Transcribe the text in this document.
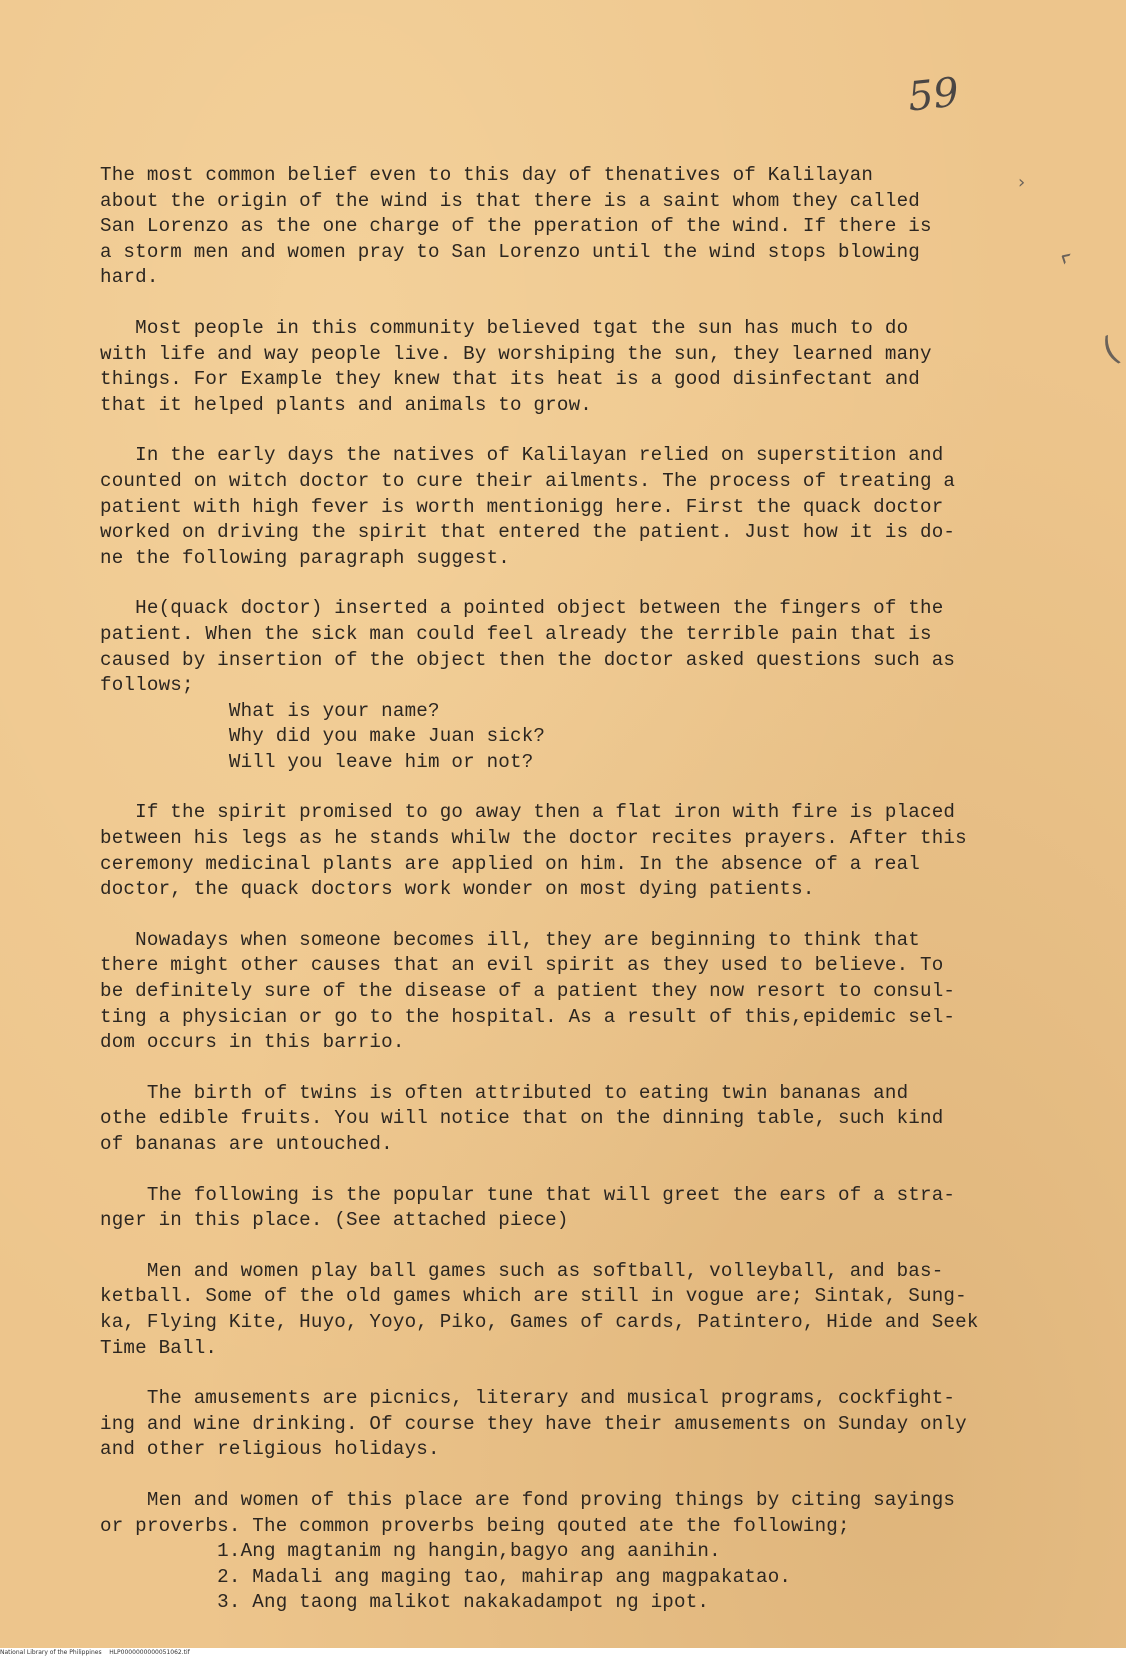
59
›
‹
(

The most common belief even to this day of thenatives of Kalilayan
about the origin of the wind is that there is a saint whom they called
San Lorenzo as the one charge of the pperation of the wind. If there is
a storm men and women pray to San Lorenzo until the wind stops blowing
hard.

Most people in this community believed tgat the sun has much to do
with life and way people live. By worshiping the sun, they learned many
things. For Example they knew that its heat is a good disinfectant and
that it helped plants and animals to grow.

In the early days the natives of Kalilayan relied on superstition and
counted on witch doctor to cure their ailments. The process of treating a
patient with high fever is worth mentionigg here. First the quack doctor
worked on driving the spirit that entered the patient. Just how it is do-
ne the following paragraph suggest.

He(quack doctor) inserted a pointed object between the fingers of the
patient. When the sick man could feel already the terrible pain that is
caused by insertion of the object then the doctor asked questions such as
follows;
What is your name?
Why did you make Juan sick?
Will you leave him or not?

If the spirit promised to go away then a flat iron with fire is placed
between his legs as he stands whilw the doctor recites prayers. After this
ceremony medicinal plants are applied on him. In the absence of a real
doctor, the quack doctors work wonder on most dying patients.

Nowadays when someone becomes ill, they are beginning to think that
there might other causes that an evil spirit as they used to believe. To
be definitely sure of the disease of a patient they now resort to consul-
ting a physician or go to the hospital. As a result of this,epidemic sel-
dom occurs in this barrio.

The birth of twins is often attributed to eating twin bananas and
othe edible fruits. You will notice that on the dinning table, such kind
of bananas are untouched.

The following is the popular tune that will greet the ears of a stra-
nger in this place. (See attached piece)

Men and women play ball games such as softball, volleyball, and bas-
ketball. Some of the old games which are still in vogue are; Sintak, Sung-
ka, Flying Kite, Huyo, Yoyo, Piko, Games of cards, Patintero, Hide and Seek
Time Ball.

The amusements are picnics, literary and musical programs, cockfight-
ing and wine drinking. Of course they have their amusements on Sunday only
and other religious holidays.

Men and women of this place are fond proving things by citing sayings
or proverbs. The common proverbs being qouted ate the following;
1.Ang magtanim ng hangin,bagyo ang aanihin.
2. Madali ang maging tao, mahirap ang magpakatao.
3. Ang taong malikot nakakadampot ng ipot.

National Library of the Philippines    HLP0000000000051062.tif
